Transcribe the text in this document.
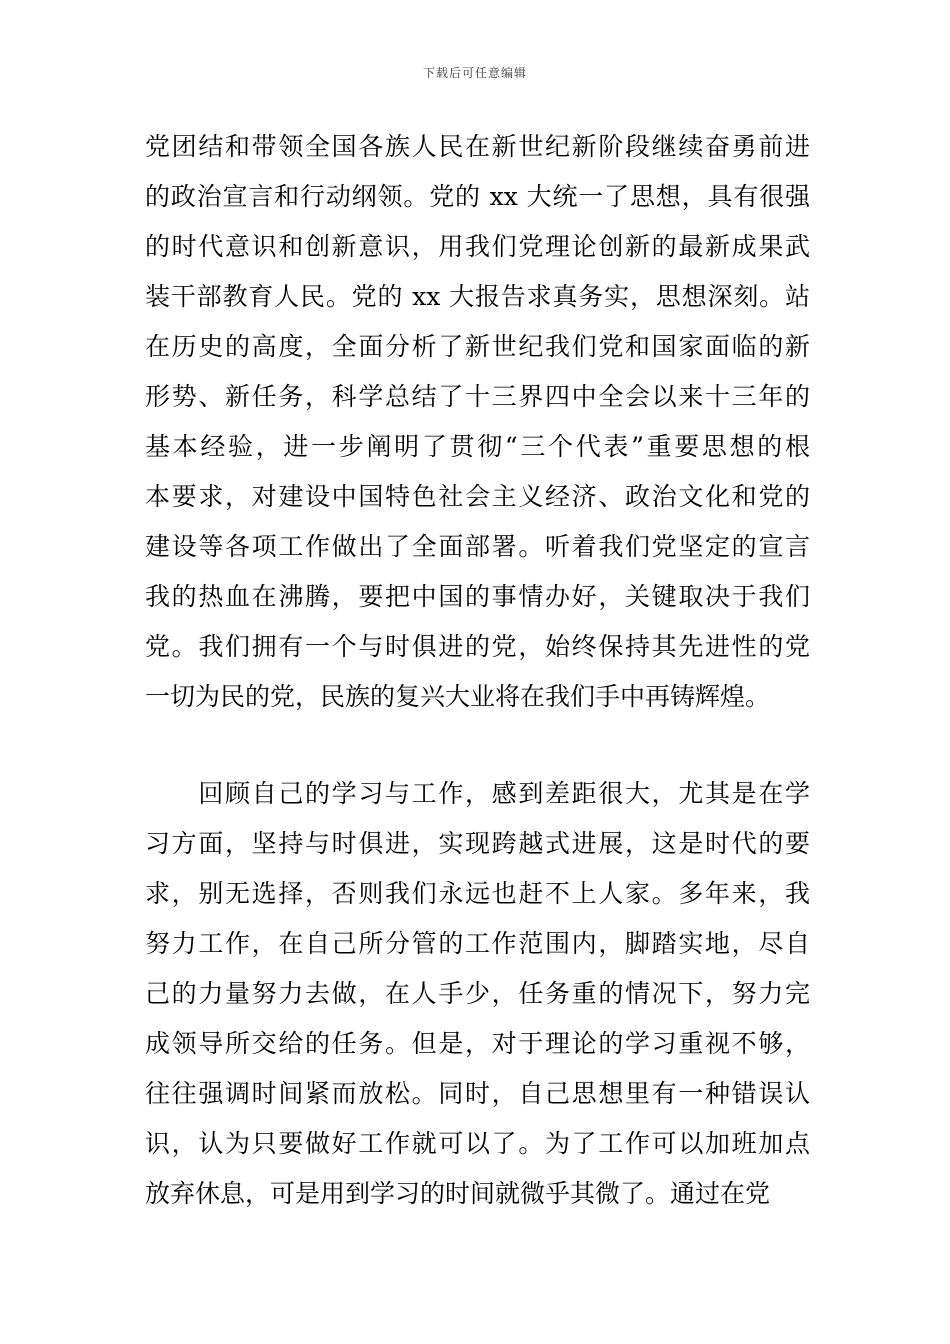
下载后可任意编辑
党团结和带领全国各族人民在新世纪新阶段继续奋勇前进
的政治宣言和行动纲领。党的 xx 大统一了思想，具有很强
的时代意识和创新意识，用我们党理论创新的最新成果武
装干部教育人民。党的 xx 大报告求真务实，思想深刻。站
在历史的高度，全面分析了新世纪我们党和国家面临的新
形势、新任务，科学总结了十三界四中全会以来十三年的
基本经验，进一步阐明了贯彻“三个代表”重要思想的根
本要求，对建设中国特色社会主义经济、政治文化和党的
建设等各项工作做出了全面部署。听着我们党坚定的宣言
我的热血在沸腾，要把中国的事情办好，关键取决于我们
党。我们拥有一个与时俱进的党，始终保持其先进性的党
一切为民的党，民族的复兴大业将在我们手中再铸辉煌。
　　回顾自己的学习与工作，感到差距很大，尤其是在学
习方面，坚持与时俱进，实现跨越式进展，这是时代的要
求，别无选择，否则我们永远也赶不上人家。多年来，我
努力工作，在自己所分管的工作范围内，脚踏实地，尽自
己的力量努力去做，在人手少，任务重的情况下，努力完
成领导所交给的任务。但是，对于理论的学习重视不够，
往往强调时间紧而放松。同时，自己思想里有一种错误认
识，认为只要做好工作就可以了。为了工作可以加班加点
放弃休息，可是用到学习的时间就微乎其微了。通过在党
